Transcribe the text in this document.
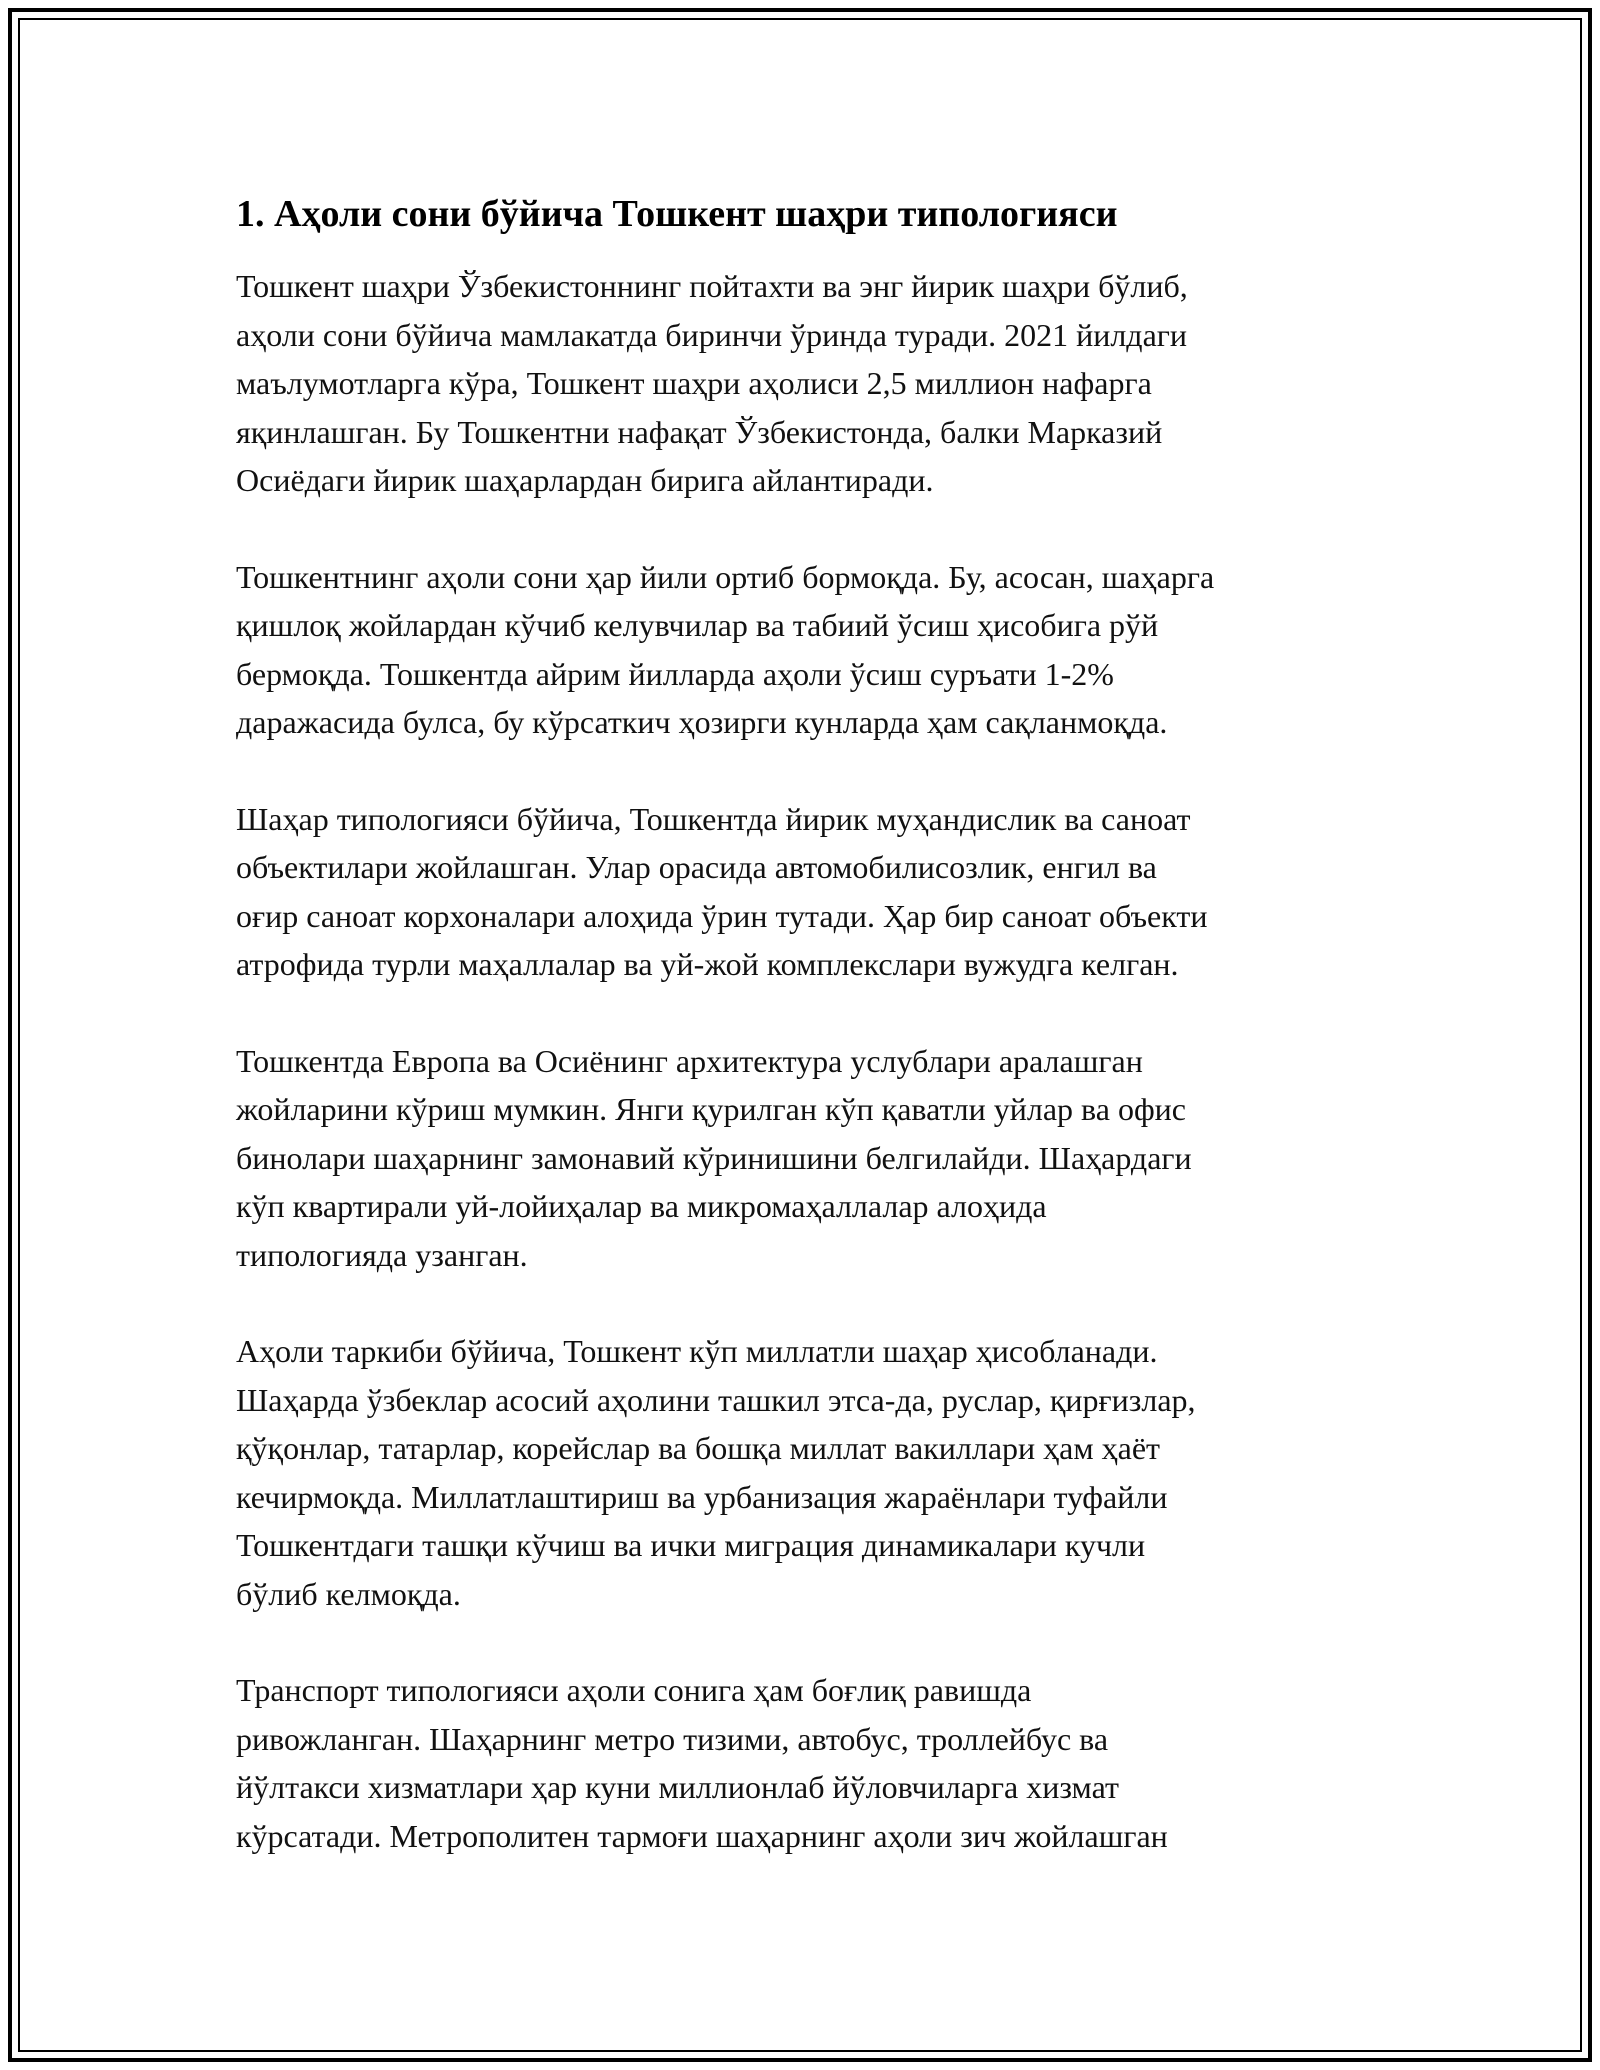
1. Аҳоли сони бўйича Тошкент шаҳри типологияси

Тошкент шаҳри Ўзбекистоннинг пойтахти ва энг йирик шаҳри бўлиб,
аҳоли сони бўйича мамлакатда биринчи ўринда туради. 2021 йилдаги
маълумотларга кўра, Тошкент шаҳри аҳолиси 2,5 миллион нафарга
яқинлашган. Бу Тошкентни нафақат Ўзбекистонда, балки Марказий
Осиёдаги йирик шаҳарлардан бирига айлантиради.

Тошкентнинг аҳоли сони ҳар йили ортиб бормоқда. Бу, асосан, шаҳарга
қишлоқ жойлардан кўчиб келувчилар ва табиий ўсиш ҳисобига рўй
бермоқда. Тошкентда айрим йилларда аҳоли ўсиш суръати 1-2%
даражасида булса, бу кўрсаткич ҳозирги кунларда ҳам сақланмоқда.

Шаҳар типологияси бўйича, Тошкентда йирик муҳандислик ва саноат
объектилари жойлашган. Улар орасида автомобилисозлик, енгил ва
оғир саноат корхоналари алоҳида ўрин тутади. Ҳар бир саноат объекти
атрофида турли маҳаллалар ва уй-жой комплекслари вужудга келган.

Тошкентда Европа ва Осиёнинг архитектура услублари аралашган
жойларини кўриш мумкин. Янги қурилган кўп қаватли уйлар ва офис
бинолари шаҳарнинг замонавий кўринишини белгилайди. Шаҳардаги
кўп квартирали уй-лойиҳалар ва микромаҳаллалар алоҳида
типологияда узанган.

Аҳоли таркиби бўйича, Тошкент кўп миллатли шаҳар ҳисобланади.
Шаҳарда ўзбеклар асосий аҳолини ташкил этса-да, руслар, қирғизлар,
қўқонлар, татарлар, корейслар ва бошқа миллат вакиллари ҳам ҳаёт
кечирмоқда. Миллатлаштириш ва урбанизация жараёнлари туфайли
Тошкентдаги ташқи кўчиш ва ички миграция динамикалари кучли
бўлиб келмоқда.

Транспорт типологияси аҳоли сонига ҳам боғлиқ равишда
ривожланган. Шаҳарнинг метро тизими, автобус, троллейбус ва
йўлтакси хизматлари ҳар куни миллионлаб йўловчиларга хизмат
кўрсатади. Метрополитен тармоғи шаҳарнинг аҳоли зич жойлашган
